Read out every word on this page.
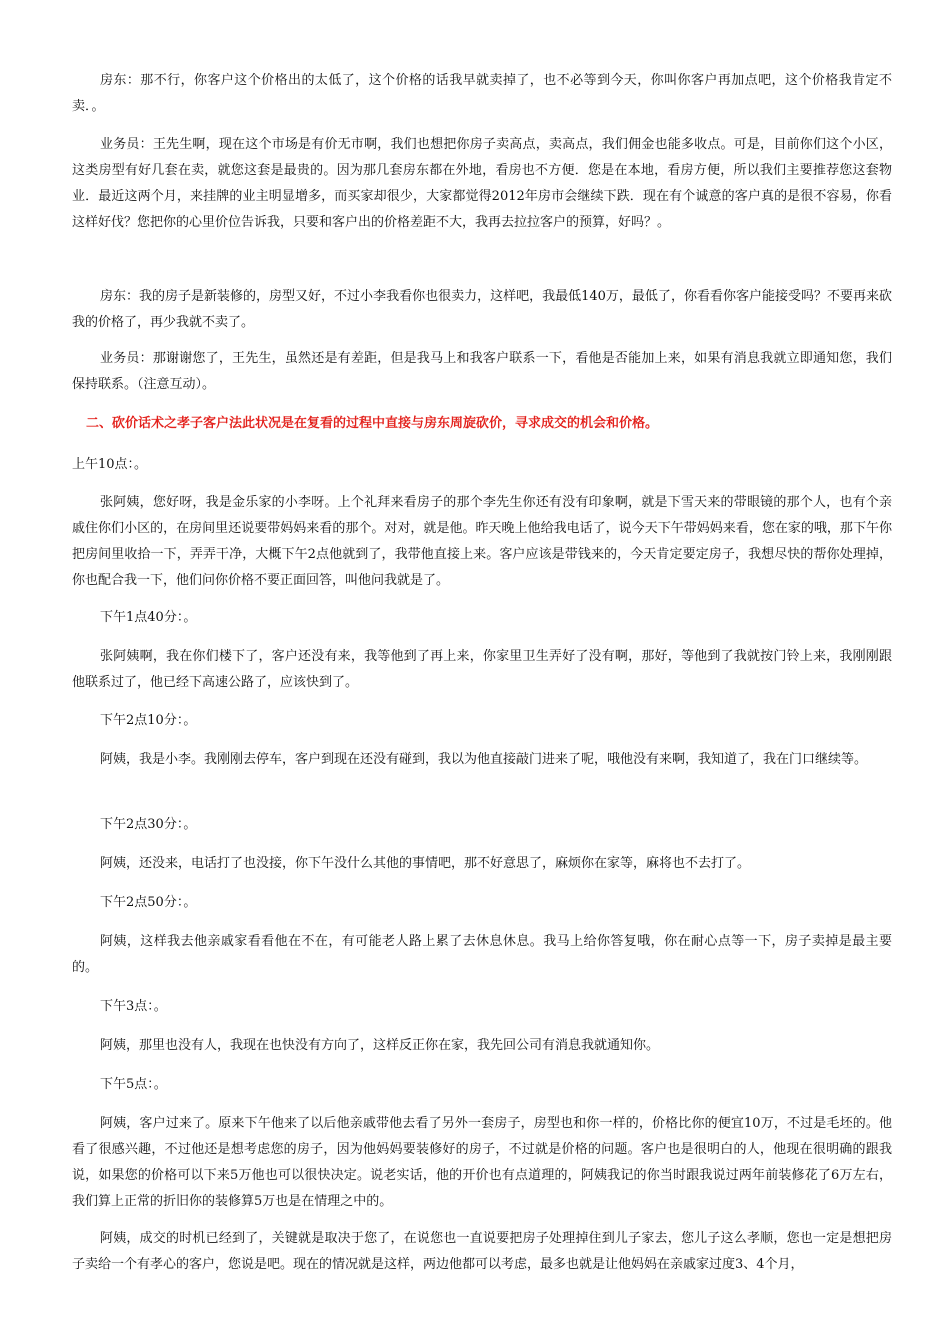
房东：那不行，你客户这个价格出的太低了，这个价格的话我早就卖掉了，也不必等到今天，你叫你客户再加点吧，这个价格我肯定不卖．。

业务员：王先生啊，现在这个市场是有价无市啊，我们也想把你房子卖高点，卖高点，我们佣金也能多收点。可是，目前你们这个小区，这类房型有好几套在卖，就您这套是最贵的。因为那几套房东都在外地，看房也不方便．您是在本地，看房方便，所以我们主要推荐您这套物业．最近这两个月，来挂牌的业主明显增多，而买家却很少，大家都觉得2012年房市会继续下跌．现在有个诚意的客户真的是很不容易，你看这样好伐？您把你的心里价位告诉我，只要和客户出的价格差距不大，我再去拉拉客户的预算，好吗？。

房东：我的房子是新装修的，房型又好，不过小李我看你也很卖力，这样吧，我最低140万，最低了，你看看你客户能接受吗？不要再来砍我的价格了，再少我就不卖了。

业务员：那谢谢您了，王先生，虽然还是有差距，但是我马上和我客户联系一下，看他是否能加上来，如果有消息我就立即通知您，我们保持联系。（注意互动）。

二、砍价话术之孝子客户法此状况是在复看的过程中直接与房东周旋砍价，寻求成交的机会和价格。

上午10点：。

张阿姨，您好呀，我是金乐家的小李呀。上个礼拜来看房子的那个李先生你还有没有印象啊，就是下雪天来的带眼镜的那个人，也有个亲戚住你们小区的，在房间里还说要带妈妈来看的那个。对对，就是他。昨天晚上他给我电话了，说今天下午带妈妈来看，您在家的哦，那下午你把房间里收拾一下，弄弄干净，大概下午2点他就到了，我带他直接上来。客户应该是带钱来的，今天肯定要定房子，我想尽快的帮你处理掉，你也配合我一下，他们问你价格不要正面回答，叫他问我就是了。

下午1点40分：。

张阿姨啊，我在你们楼下了，客户还没有来，我等他到了再上来，你家里卫生弄好了没有啊，那好，等他到了我就按门铃上来，我刚刚跟他联系过了，他已经下高速公路了，应该快到了。

下午2点10分：。

阿姨，我是小李。我刚刚去停车，客户到现在还没有碰到，我以为他直接敲门进来了呢，哦他没有来啊，我知道了，我在门口继续等。

下午2点30分：。

阿姨，还没来，电话打了也没接，你下午没什么其他的事情吧，那不好意思了，麻烦你在家等，麻将也不去打了。

下午2点50分：。

阿姨，这样我去他亲戚家看看他在不在，有可能老人路上累了去休息休息。我马上给你答复哦，你在耐心点等一下，房子卖掉是最主要的。

下午3点：。

阿姨，那里也没有人，我现在也快没有方向了，这样反正你在家，我先回公司有消息我就通知你。

下午5点：。

阿姨，客户过来了。原来下午他来了以后他亲戚带他去看了另外一套房子，房型也和你一样的，价格比你的便宜10万，不过是毛坯的。他看了很感兴趣，不过他还是想考虑您的房子，因为他妈妈要装修好的房子，不过就是价格的问题。客户也是很明白的人，他现在很明确的跟我说，如果您的价格可以下来5万他也可以很快决定。说老实话，他的开价也有点道理的，阿姨我记的你当时跟我说过两年前装修花了6万左右，我们算上正常的折旧你的装修算5万也是在情理之中的。

阿姨，成交的时机已经到了，关键就是取决于您了，在说您也一直说要把房子处理掉住到儿子家去，您儿子这么孝顺，您也一定是想把房子卖给一个有孝心的客户，您说是吧。现在的情况就是这样，两边他都可以考虑，最多也就是让他妈妈在亲戚家过度3、4个月，
